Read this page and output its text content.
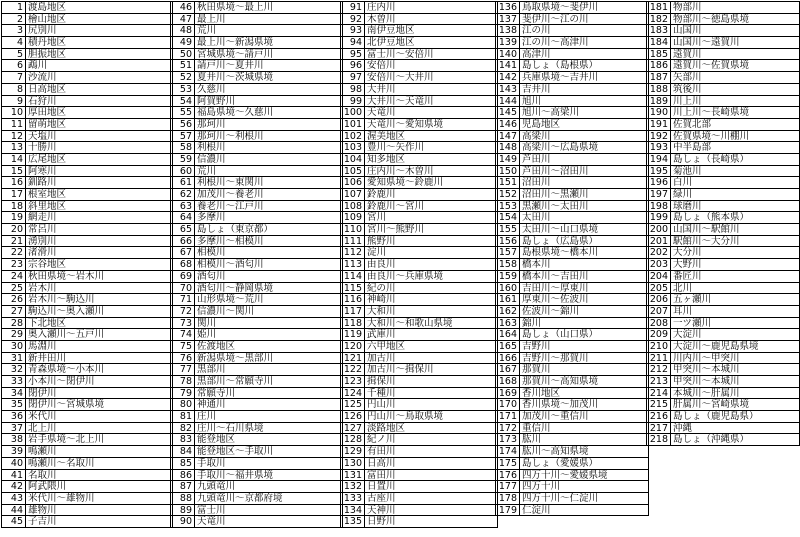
1 渡島地区
2 檜山地区
3 尻別川
4 積丹地区
5 胆振地区
6 鵡川
7 沙流川
8 日高地区
9 石狩川
10 厚田地区
11 留萌地区
12 天塩川
13 十勝川
14 広尾地区
15 阿寒川
16 釧路川
17 根室地区
18 斜里地区
19 網走川
20 常呂川
21 湧別川
22 渚滑川
23 宗谷地区
24 秋田県境～岩木川
25 岩木川
26 岩木川～駒込川
27 駒込川～奥入瀬川
28 下北地区
29 奥入瀬川～五戸川
30 馬淵川
31 新井田川
32 青森県境～小本川
33 小本川～閉伊川
34 閉伊川
35 閉伊川～宮城県境
36 米代川
37 北上川
38 岩手県境～北上川
39 鳴瀬川
40 鳴瀬川～名取川
41 名取川
42 阿武隈川
43 米代川～雄物川
44 雄物川
45 子吉川
46 秋田県境～最上川
47 最上川
48 荒川
49 最上川～新潟県境
50 宮城県境～請戸川
51 請戸川～夏井川
52 夏井川～茨城県境
53 久慈川
54 阿賀野川
55 福島県境～久慈川
56 那珂川
57 那珂川～利根川
58 利根川
59 信濃川
60 荒川
61 利根川～東関川
62 加茂川～養老川
63 養老川～江戸川
64 多摩川
65 島しょ（東京都）
66 多摩川～相模川
67 相模川
68 相模川～酒匂川
69 酒匂川
70 酒匂川～静岡県境
71 山形県境～荒川
72 信濃川～関川
73 関川
74 姫川
75 佐渡地区
76 新潟県境～黒部川
77 黒部川
78 黒部川～常願寺川
79 常願寺川
80 神通川
81 庄川
82 庄川～石川県境
83 能登地区
84 能登地区～手取川
85 手取川
86 手取川～福井県境
87 九頭竜川
88 九頭竜川～京都府境
89 富士川
90 天竜川
91 庄内川
92 木曽川
93 南伊豆地区
94 北伊豆地区
95 富士川～安倍川
96 安倍川
97 安倍川～大井川
98 大井川
99 大井川～天竜川
100 天竜川
101 天竜川～愛知県境
102 渥美地区
103 豊川～矢作川
104 知多地区
105 庄内川～木曽川
106 愛知県境～鈴鹿川
107 鈴鹿川
108 鈴鹿川～宮川
109 宮川
110 宮川～熊野川
111 熊野川
112 淀川
113 由良川
114 由良川～兵庫県境
115 紀の川
116 神崎川
117 大和川
118 大和川～和歌山県境
119 武庫川
120 六甲地区
121 加古川
122 加古川～揖保川
123 揖保川
124 千種川
125 円山川
126 円山川～鳥取県境
127 淡路地区
128 紀ノ川
129 有田川
130 日高川
131 富田川
132 日置川
133 古座川
134 天神川
135 日野川
136 鳥取県境～斐伊川
137 斐伊川～江の川
138 江の川
139 江の川～高津川
140 高津川
141 島しょ（島根県）
142 兵庫県境～吉井川
143 吉井川
144 旭川
145 旭川～高梁川
146 児島地区
147 高梁川
148 高梁川～広島県境
149 芦田川
150 芦田川～沼田川
151 沼田川
152 沼田川～黒瀬川
153 黒瀬川～太田川
154 太田川
155 太田川～山口県境
156 島しょ（広島県）
157 島根県境～橋本川
158 橋本川
159 橋本川～吉田川
160 吉田川～厚東川
161 厚東川～佐波川
162 佐波川～錦川
163 錦川
164 島しょ（山口県）
165 吉野川
166 吉野川～那賀川
167 那賀川
168 那賀川～高知県境
169 香川地区
170 香川県境～加茂川
171 加茂川～重信川
172 重信川
173 肱川
174 肱川～高知県境
175 島しょ（愛媛県）
176 四万十川～愛媛県境
177 四万十川
178 四万十川～仁淀川
179 仁淀川
181 物部川
182 物部川～徳島県境
183 山国川
184 山国川～遠賀川
185 遠賀川
186 遠賀川～佐賀県境
187 矢部川
188 筑後川
189 川上川
190 川上川～長崎県境
191 佐賀北部
192 佐賀県境～川棚川
193 中半島部
194 島しょ（長崎県）
195 菊池川
196 白川
197 緑川
198 球磨川
199 島しょ（熊本県）
200 山国川～駅館川
201 駅館川～大分川
202 大分川
203 大野川
204 番匠川
205 北川
206 五ヶ瀬川
207 耳川
208 一ツ瀬川
209 大淀川
210 大淀川～鹿児島県境
211 川内川～甲突川
212 甲突川～本城川
213 甲突川～本城川
214 本城川～肝属川
215 肝属川～宮崎県境
216 島しょ（鹿児島県）
217 沖縄
218 島しょ（沖縄県）
